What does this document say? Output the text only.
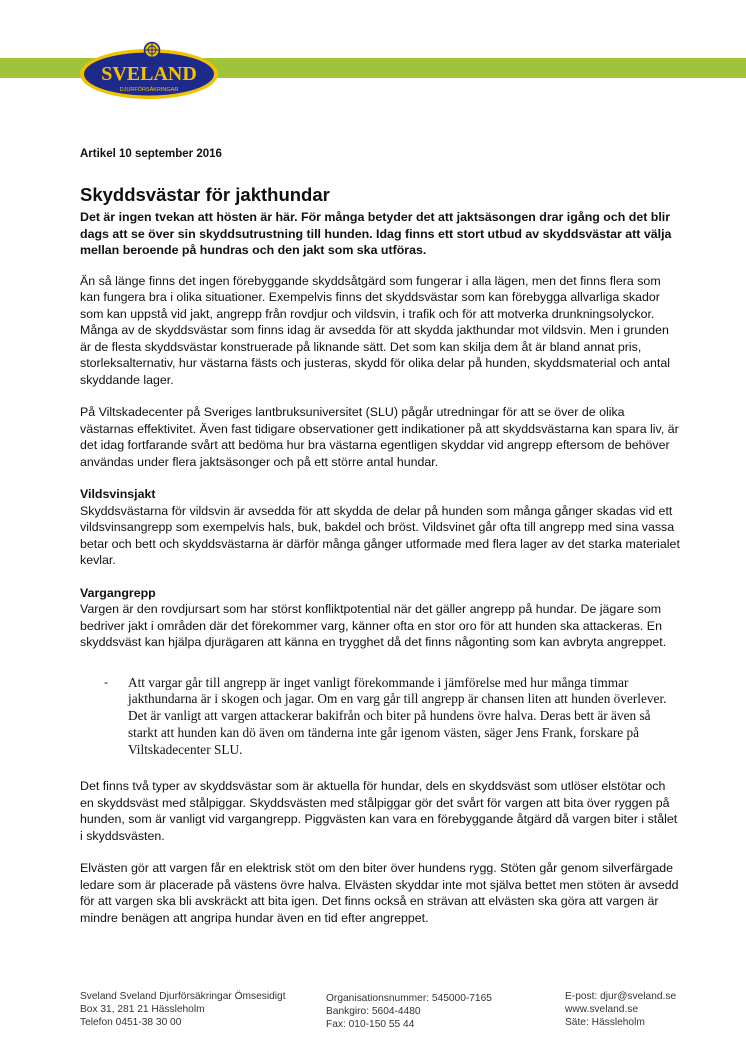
SVELAND
DJURFÖRSÄKRINGAR
Artikel 10 september 2016
Skyddsvästar för jakthundar
Det är ingen tvekan att hösten är här. För många betyder det att jaktsäsongen drar igång och det blir dags att se över sin skyddsutrustning till hunden. Idag finns ett stort utbud av skyddsvästar att välja mellan beroende på hundras och den jakt som ska utföras.

Än så länge finns det ingen förebyggande skyddsåtgärd som fungerar i alla lägen, men det finns flera som kan fungera bra i olika situationer. Exempelvis finns det skyddsvästar som kan förebygga allvarliga skador som kan uppstå vid jakt, angrepp från rovdjur och vildsvin, i trafik och för att motverka drunkningsolyckor. Många av de skyddsvästar som finns idag är avsedda för att skydda jakthundar mot vildsvin. Men i grunden är de flesta skyddsvästar konstruerade på liknande sätt. Det som kan skilja dem åt är bland annat pris, storleksalternativ, hur västarna fästs och justeras, skydd för olika delar på hunden, skyddsmaterial och antal skyddande lager.

På Viltskadecenter på Sveriges lantbruksuniversitet (SLU) pågår utredningar för att se över de olika västarnas effektivitet. Även fast tidigare observationer gett indikationer på att skyddsvästarna kan spara liv, är det idag fortfarande svårt att bedöma hur bra västarna egentligen skyddar vid angrepp eftersom de behöver användas under flera jaktsäsonger och på ett större antal hundar.

Vildsvinsjakt

Skyddsvästarna för vildsvin är avsedda för att skydda de delar på hunden som många gånger skadas vid ett vildsvinsangrepp som exempelvis hals, buk, bakdel och bröst. Vildsvinet går ofta till angrepp med sina vassa betar och bett och skyddsvästarna är därför många gånger utformade med flera lager av det starka materialet kevlar.

Vargangrepp

Vargen är den rovdjursart som har störst konfliktpotential när det gäller angrepp på hundar. De jägare som bedriver jakt i områden där det förekommer varg, känner ofta en stor oro för att hunden ska attackeras. En skyddsväst kan hjälpa djurägaren att känna en trygghet då det finns någonting som kan avbryta angreppet.

- Att vargar går till angrepp är inget vanligt förekommande i jämförelse med hur många timmar jakthundarna är i skogen och jagar. Om en varg går till angrepp är chansen liten att hunden överlever. Det är vanligt att vargen attackerar bakifrån och biter på hundens övre halva. Deras bett är även så starkt att hunden kan dö även om tänderna inte går igenom västen, säger Jens Frank, forskare på Viltskadecenter SLU.

Det finns två typer av skyddsvästar som är aktuella för hundar, dels en skyddsväst som utlöser elstötar och en skyddsväst med stålpiggar. Skyddsvästen med stålpiggar gör det svårt för vargen att bita över ryggen på hunden, som är vanligt vid vargangrepp. Piggvästen kan vara en förebyggande åtgärd då vargen biter i stålet i skyddsvästen.

Elvästen gör att vargen får en elektrisk stöt om den biter över hundens rygg. Stöten går genom silverfärgade ledare som är placerade på västens övre halva. Elvästen skyddar inte mot själva bettet men stöten är avsedd för att vargen ska bli avskräckt att bita igen. Det finns också en strävan att elvästen ska göra att vargen är mindre benägen att angripa hundar även en tid efter angreppet.

Sveland Sveland Djurförsäkringar Ömsesidigt
Box 31, 281 21 Hässleholm
Telefon 0451-38 30 00
Organisationsnummer: 545000-7165
Bankgiro: 5604-4480
Fax: 010-150 55 44
E-post: djur@sveland.se
www.sveland.se
Säte: Hässleholm
